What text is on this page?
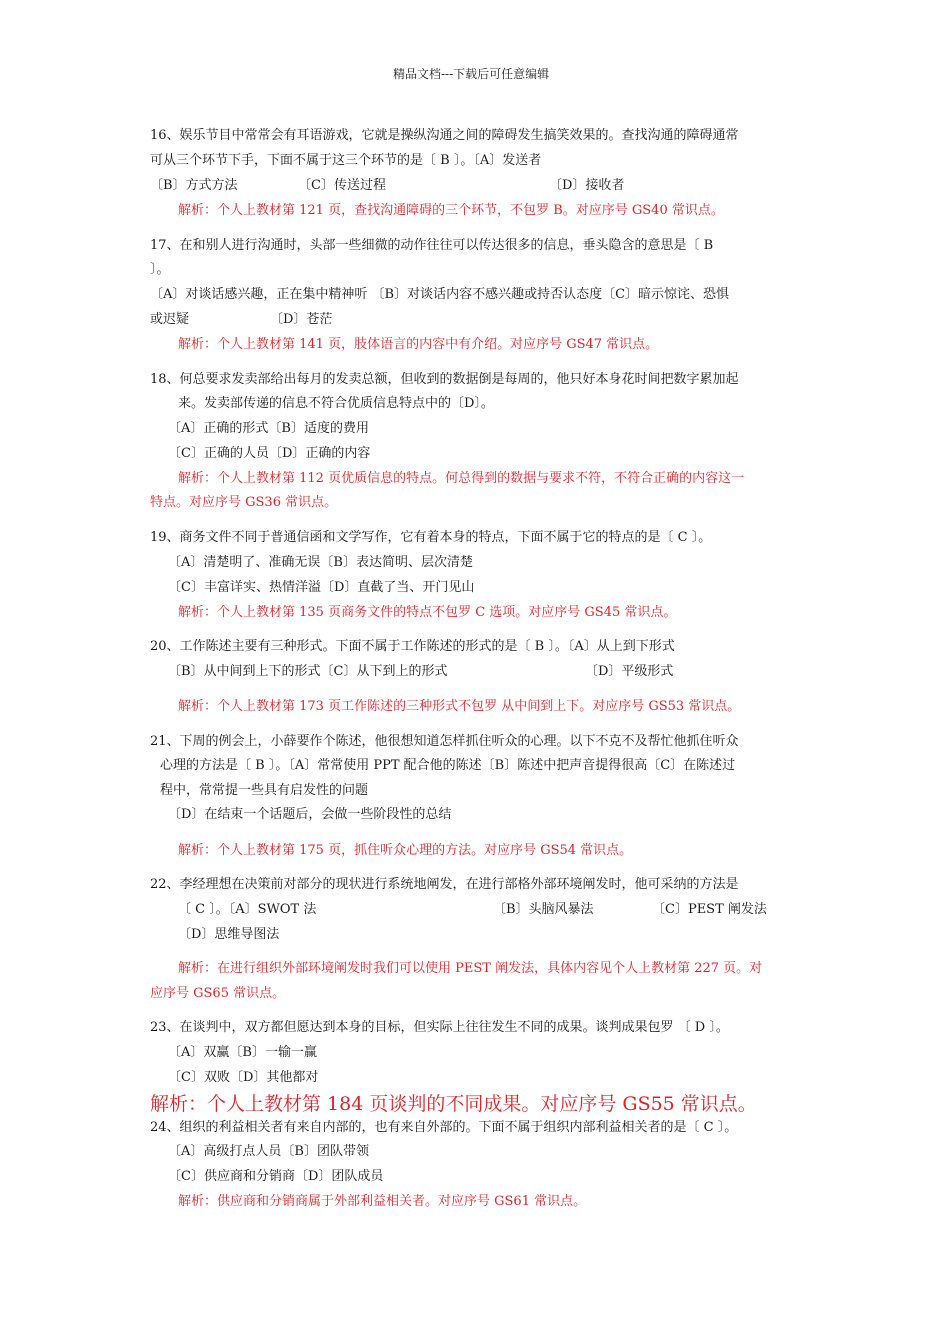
精品文档---下载后可任意编辑
16、娱乐节目中常常会有耳语游戏，它就是操纵沟通之间的障碍发生搞笑效果的。查找沟通的障碍通常
可从三个环节下手，下面不属于这三个环节的是〔 B 〕。〔A〕发送者
〔B〕方式方法	〔C〕传送过程	〔D〕接收者
解析：个人上教材第 121 页，查找沟通障碍的三个环节，不包罗 B。对应序号 GS40 常识点。
17、在和别人进行沟通时，头部一些细微的动作往往可以传达很多的信息，垂头隐含的意思是〔 B
〕。
〔A〕对谈话感兴趣，正在集中精神听 〔B〕对谈话内容不感兴趣或持否认态度〔C〕暗示惊诧、恐惧
或迟疑	〔D〕苍茫
解析：个人上教材第 141 页，肢体语言的内容中有介绍。对应序号 GS47 常识点。
18、何总要求发卖部给出每月的发卖总额，但收到的数据倒是每周的，他只好本身花时间把数字累加起
来。发卖部传递的信息不符合优质信息特点中的〔D〕。
〔A〕正确的形式〔B〕适度的费用
〔C〕正确的人员〔D〕正确的内容
解析：个人上教材第 112 页优质信息的特点。何总得到的数据与要求不符，不符合正确的内容这一
特点。对应序号 GS36 常识点。
19、商务文件不同于普通信函和文学写作，它有着本身的特点，下面不属于它的特点的是〔 C 〕。
〔A〕清楚明了、准确无误〔B〕表达简明、层次清楚
〔C〕丰富详实、热情洋溢〔D〕直截了当、开门见山
解析：个人上教材第 135 页商务文件的特点不包罗 C 选项。对应序号 GS45 常识点。
20、工作陈述主要有三种形式。下面不属于工作陈述的形式的是〔 B 〕。〔A〕从上到下形式
〔B〕从中间到上下的形式〔C〕从下到上的形式	〔D〕平级形式
解析：个人上教材第 173 页工作陈述的三种形式不包罗 从中间到上下。对应序号 GS53 常识点。
21、下周的例会上，小薛要作个陈述，他很想知道怎样抓住听众的心理。以下不克不及帮忙他抓住听众
心理的方法是〔 B 〕。〔A〕常常使用 PPT 配合他的陈述〔B〕陈述中把声音提得很高〔C〕在陈述过
程中，常常提一些具有启发性的问题
〔D〕在结束一个话题后，会做一些阶段性的总结
解析：个人上教材第 175 页，抓住听众心理的方法。对应序号 GS54 常识点。
22、李经理想在决策前对部分的现状进行系统地阐发，在进行部格外部环境阐发时，他可采纳的方法是
〔 C 〕。〔A〕SWOT 法	〔B〕头脑风暴法	〔C〕PEST 阐发法
〔D〕思维导图法
解析：在进行组织外部环境阐发时我们可以使用 PEST 阐发法，具体内容见个人上教材第 227 页。对
应序号 GS65 常识点。
23、在谈判中，双方都但愿达到本身的目标，但实际上往往发生不同的成果。谈判成果包罗 〔 D 〕。
〔A〕双赢〔B〕一输一赢
〔C〕双败〔D〕其他都对
解析：个人上教材第 184 页谈判的不同成果。对应序号 GS55 常识点。
24、组织的利益相关者有来自内部的，也有来自外部的。下面不属于组织内部利益相关者的是〔 C 〕。
〔A〕高级打点人员〔B〕团队带领
〔C〕供应商和分销商〔D〕团队成员
解析：供应商和分销商属于外部利益相关者。对应序号 GS61 常识点。
